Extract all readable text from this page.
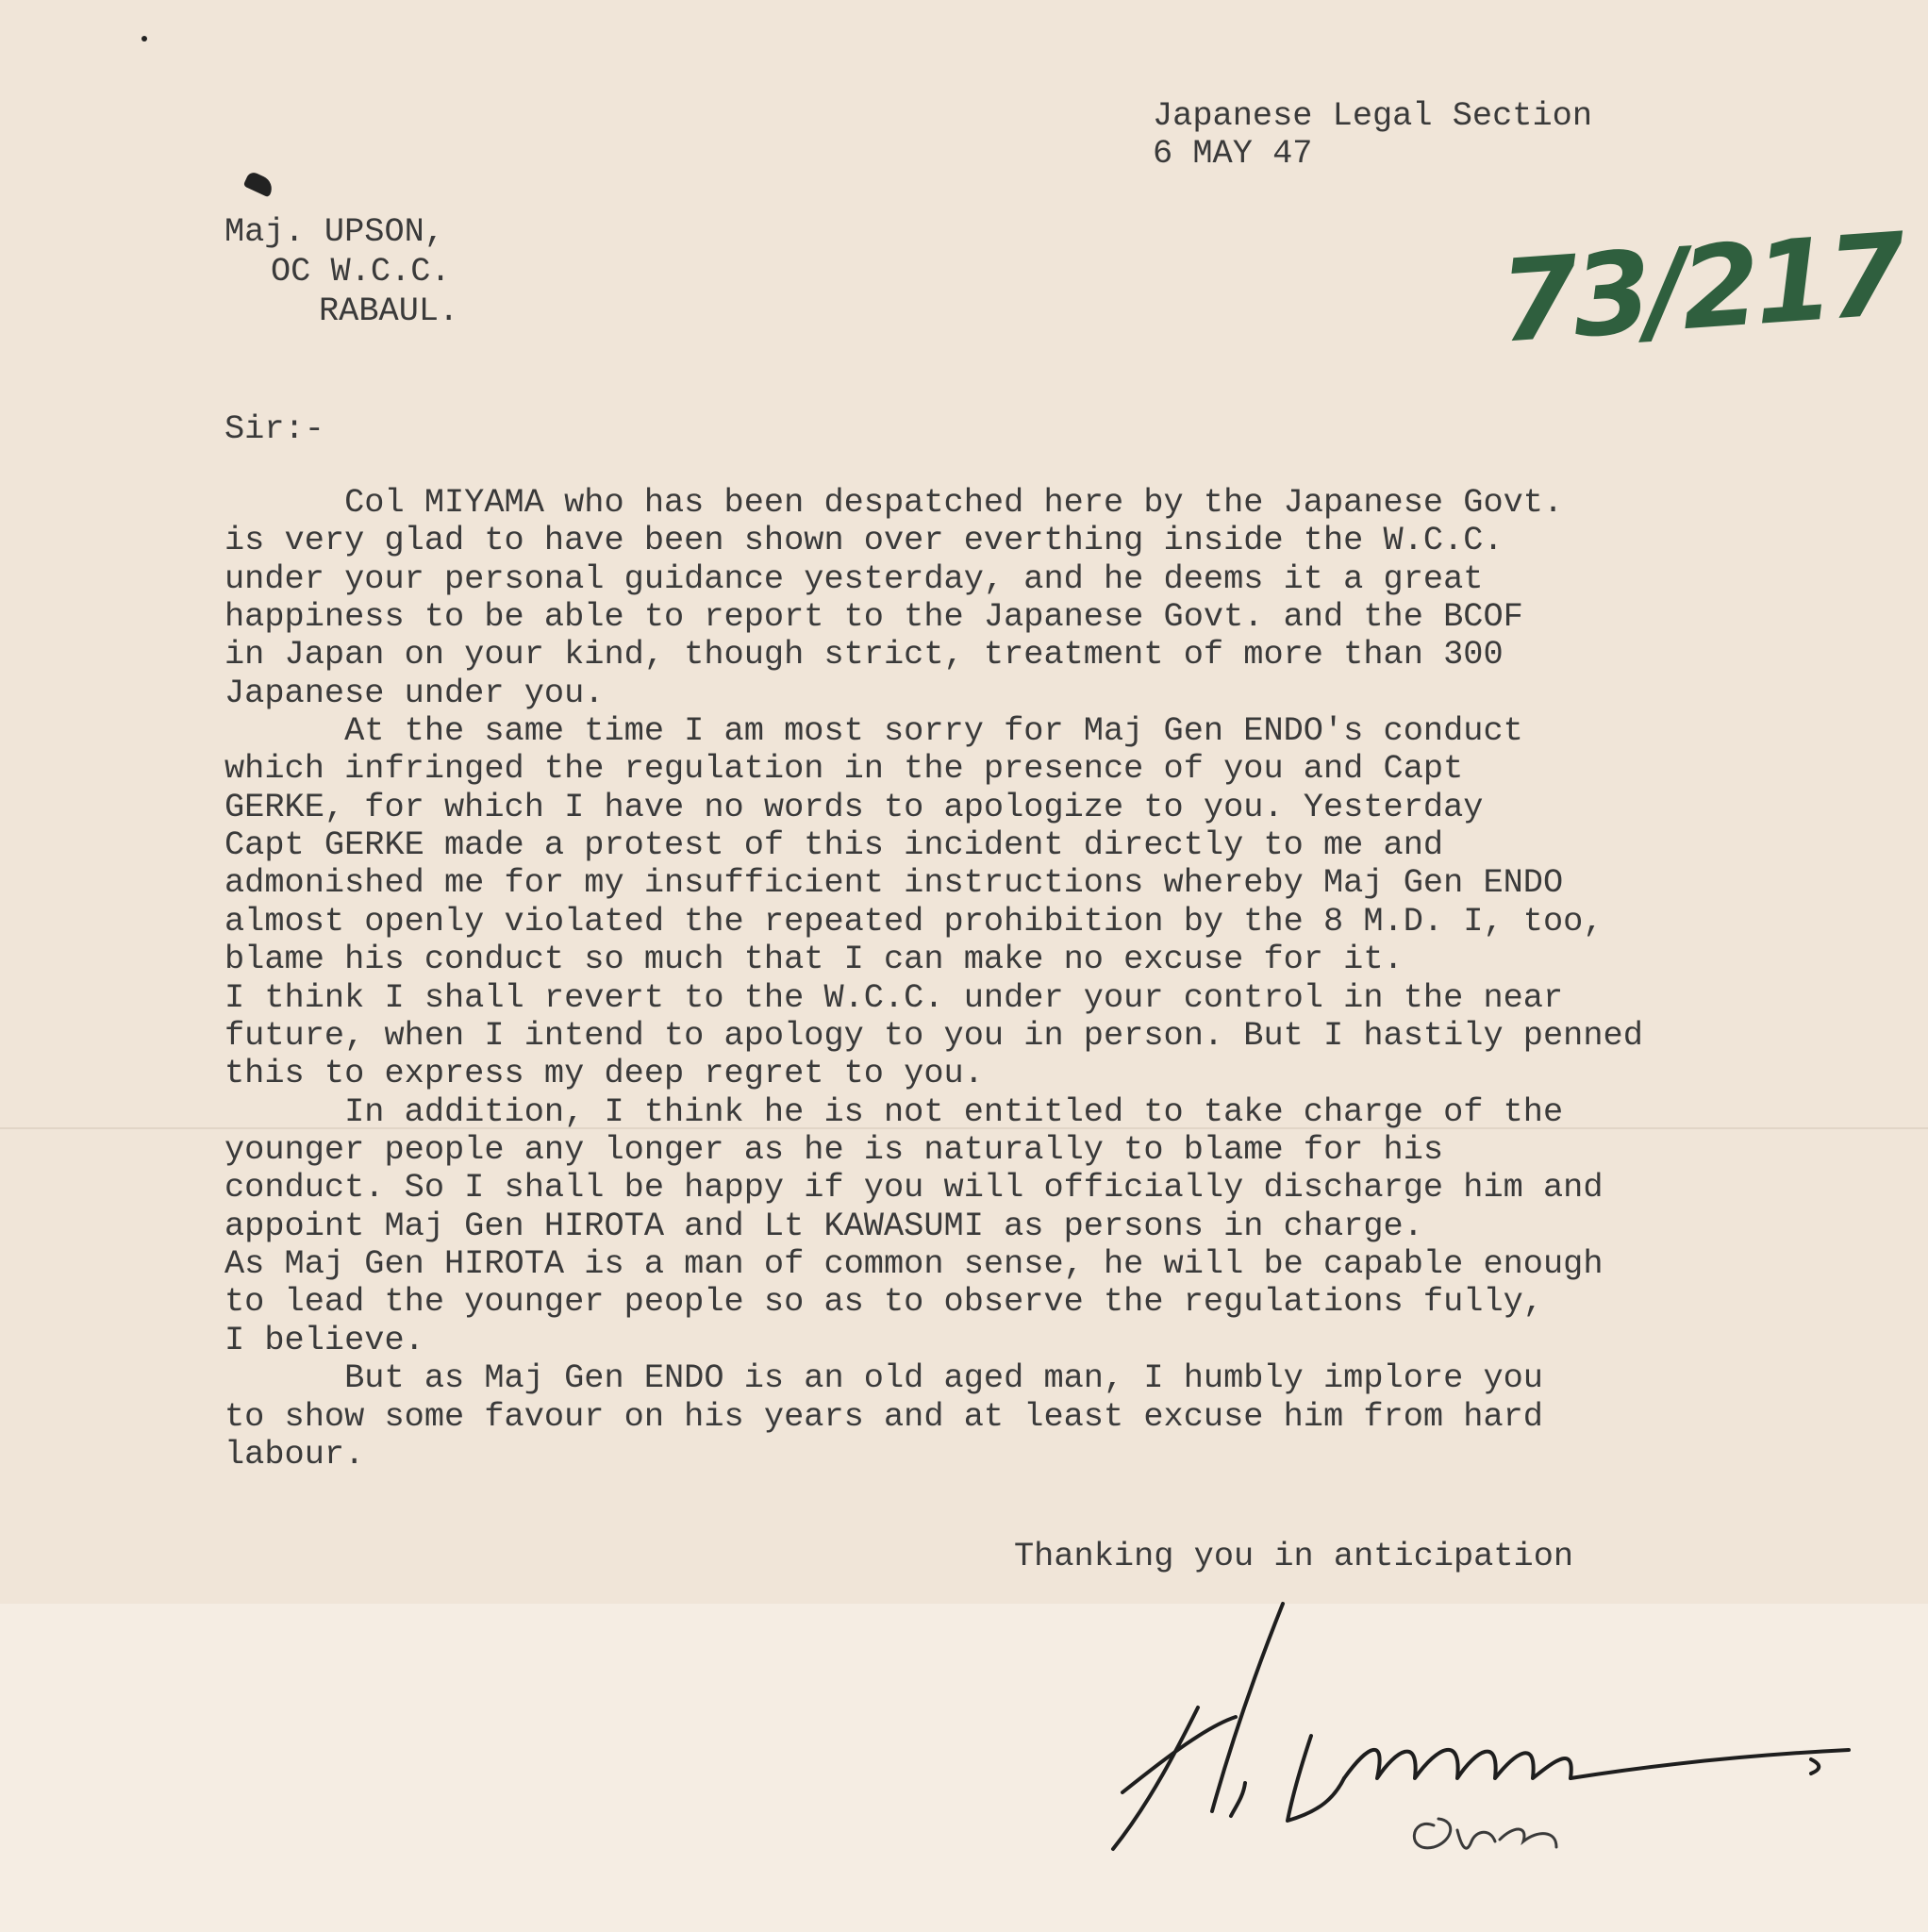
Japanese Legal Section
6 MAY 47
73/217
Maj. UPSON,
OC W.C.C.
RABAUL.
Sir:-
Col MIYAMA who has been despatched here by the Japanese Govt.
is very glad to have been shown over everthing inside the W.C.C.
under your personal guidance yesterday, and he deems it a great
happiness to be able to report to the Japanese Govt. and the BCOF
in Japan on your kind, though strict, treatment of more than 300
Japanese under you.
At the same time I am most sorry for Maj Gen ENDO's conduct
which infringed the regulation in the presence of you and Capt
GERKE, for which I have no words to apologize to you. Yesterday
Capt GERKE made a protest of this incident directly to me and
admonished me for my insufficient instructions whereby Maj Gen ENDO
almost openly violated the repeated prohibition by the 8 M.D. I, too,
blame his conduct so much that I can make no excuse for it.
I think I shall revert to the W.C.C. under your control in the near
future, when I intend to apology to you in person. But I hastily penned
this to express my deep regret to you.
In addition, I think he is not entitled to take charge of the
younger people any longer as he is naturally to blame for his
conduct. So I shall be happy if you will officially discharge him and
appoint Maj Gen HIROTA and Lt KAWASUMI as persons in charge.
As Maj Gen HIROTA is a man of common sense, he will be capable enough
to lead the younger people so as to observe the regulations fully,
I believe.
But as Maj Gen ENDO is an old aged man, I humbly implore you
to show some favour on his years and at least excuse him from hard
labour.
Thanking you in anticipation
